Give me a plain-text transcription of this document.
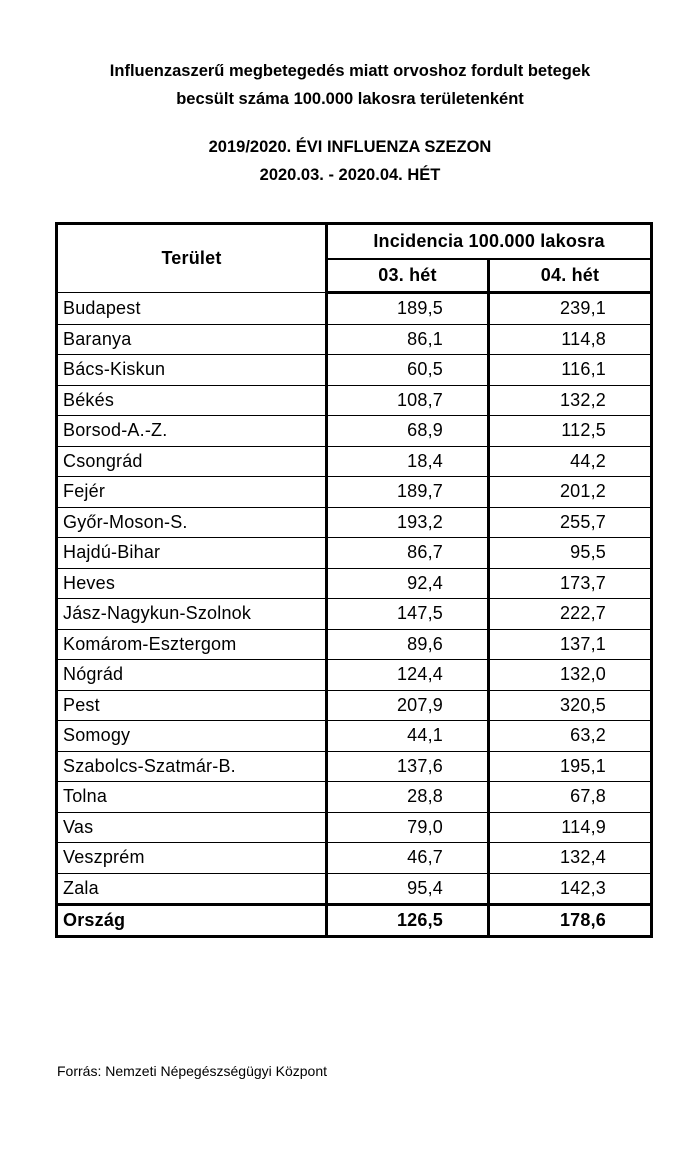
Influenzaszerű megbetegedés miatt orvoshoz fordult betegek
becsült száma 100.000 lakosra területenként
2019/2020. ÉVI INFLUENZA SZEZON
2020.03. - 2020.04. HÉT
Terület	Incidencia 100.000 lakosra	
	03. hét	04. hét
Budapest	189,5	239,1
Baranya	86,1	114,8
Bács-Kiskun	60,5	116,1
Békés	108,7	132,2
Borsod-A.-Z.	68,9	112,5
Csongrád	18,4	44,2
Fejér	189,7	201,2
Győr-Moson-S.	193,2	255,7
Hajdú-Bihar	86,7	95,5
Heves	92,4	173,7
Jász-Nagykun-Szolnok	147,5	222,7
Komárom-Esztergom	89,6	137,1
Nógrád	124,4	132,0
Pest	207,9	320,5
Somogy	44,1	63,2
Szabolcs-Szatmár-B.	137,6	195,1
Tolna	28,8	67,8
Vas	79,0	114,9
Veszprém	46,7	132,4
Zala	95,4	142,3
Ország	126,5	178,6
Forrás: Nemzeti Népegészségügyi Központ
